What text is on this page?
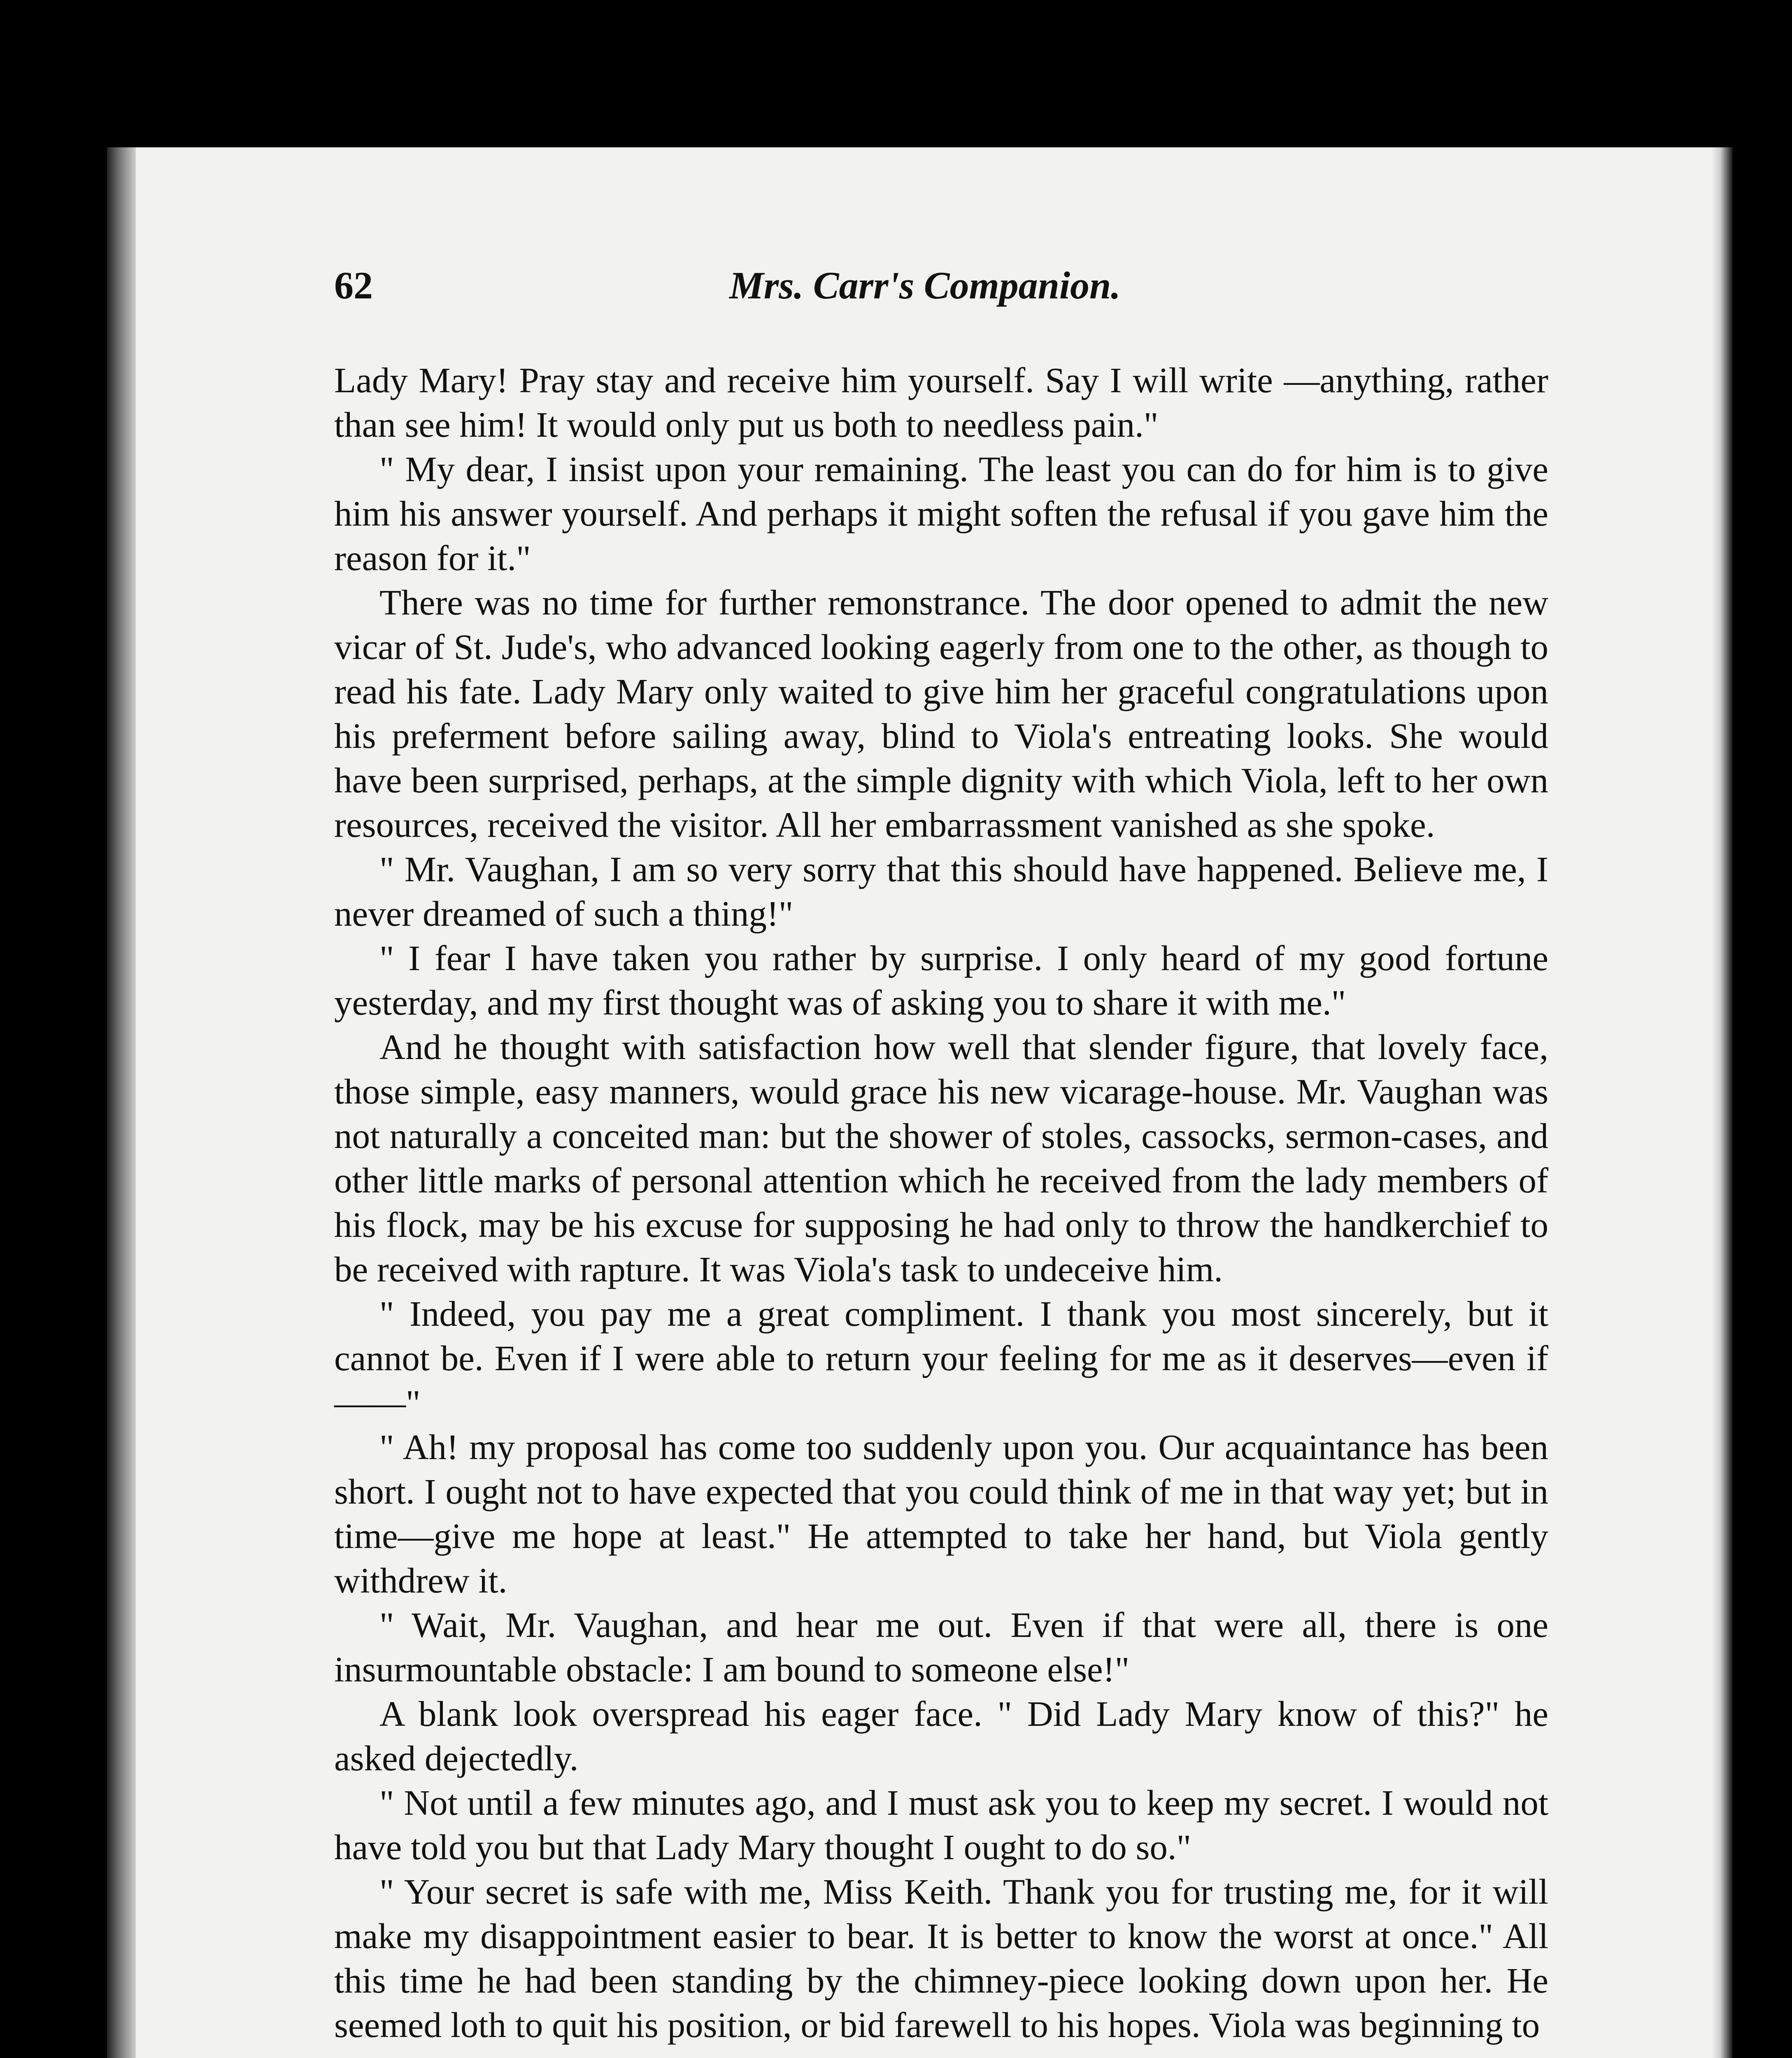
62	Mrs. Carr's Companion.

Lady Mary! Pray stay and receive him yourself. Say I will write —anything, rather than see him! It would only put us both to needless pain."

" My dear, I insist upon your remaining. The least you can do for him is to give him his answer yourself. And perhaps it might soften the refusal if you gave him the reason for it."

There was no time for further remonstrance. The door opened to admit the new vicar of St. Jude's, who advanced looking eagerly from one to the other, as though to read his fate. Lady Mary only waited to give him her graceful congratulations upon his preferment before sailing away, blind to Viola's entreating looks. She would have been surprised, perhaps, at the simple dignity with which Viola, left to her own resources, received the visitor. All her embarrassment vanished as she spoke.

" Mr. Vaughan, I am so very sorry that this should have happened. Believe me, I never dreamed of such a thing!"

" I fear I have taken you rather by surprise. I only heard of my good fortune yesterday, and my first thought was of asking you to share it with me."

And he thought with satisfaction how well that slender figure, that lovely face, those simple, easy manners, would grace his new vicarage-house. Mr. Vaughan was not naturally a conceited man: but the shower of stoles, cassocks, sermon-cases, and other little marks of personal attention which he received from the lady members of his flock, may be his excuse for supposing he had only to throw the handkerchief to be received with rapture. It was Viola's task to undeceive him.

" Indeed, you pay me a great compliment. I thank you most sincerely, but it cannot be. Even if I were able to return your feeling for me as it deserves—even if——"

" Ah! my proposal has come too suddenly upon you. Our acquaintance has been short. I ought not to have expected that you could think of me in that way yet; but in time—give me hope at least." He attempted to take her hand, but Viola gently withdrew it.

" Wait, Mr. Vaughan, and hear me out. Even if that were all, there is one insurmountable obstacle: I am bound to someone else!"

A blank look overspread his eager face. " Did Lady Mary know of this?" he asked dejectedly.

" Not until a few minutes ago, and I must ask you to keep my secret. I would not have told you but that Lady Mary thought I ought to do so."

" Your secret is safe with me, Miss Keith. Thank you for trusting me, for it will make my disappointment easier to bear. It is better to know the worst at once." All this time he had been standing by the chimney-piece looking down upon her. He seemed loth to quit his position, or bid farewell to his hopes. Viola was beginning to
